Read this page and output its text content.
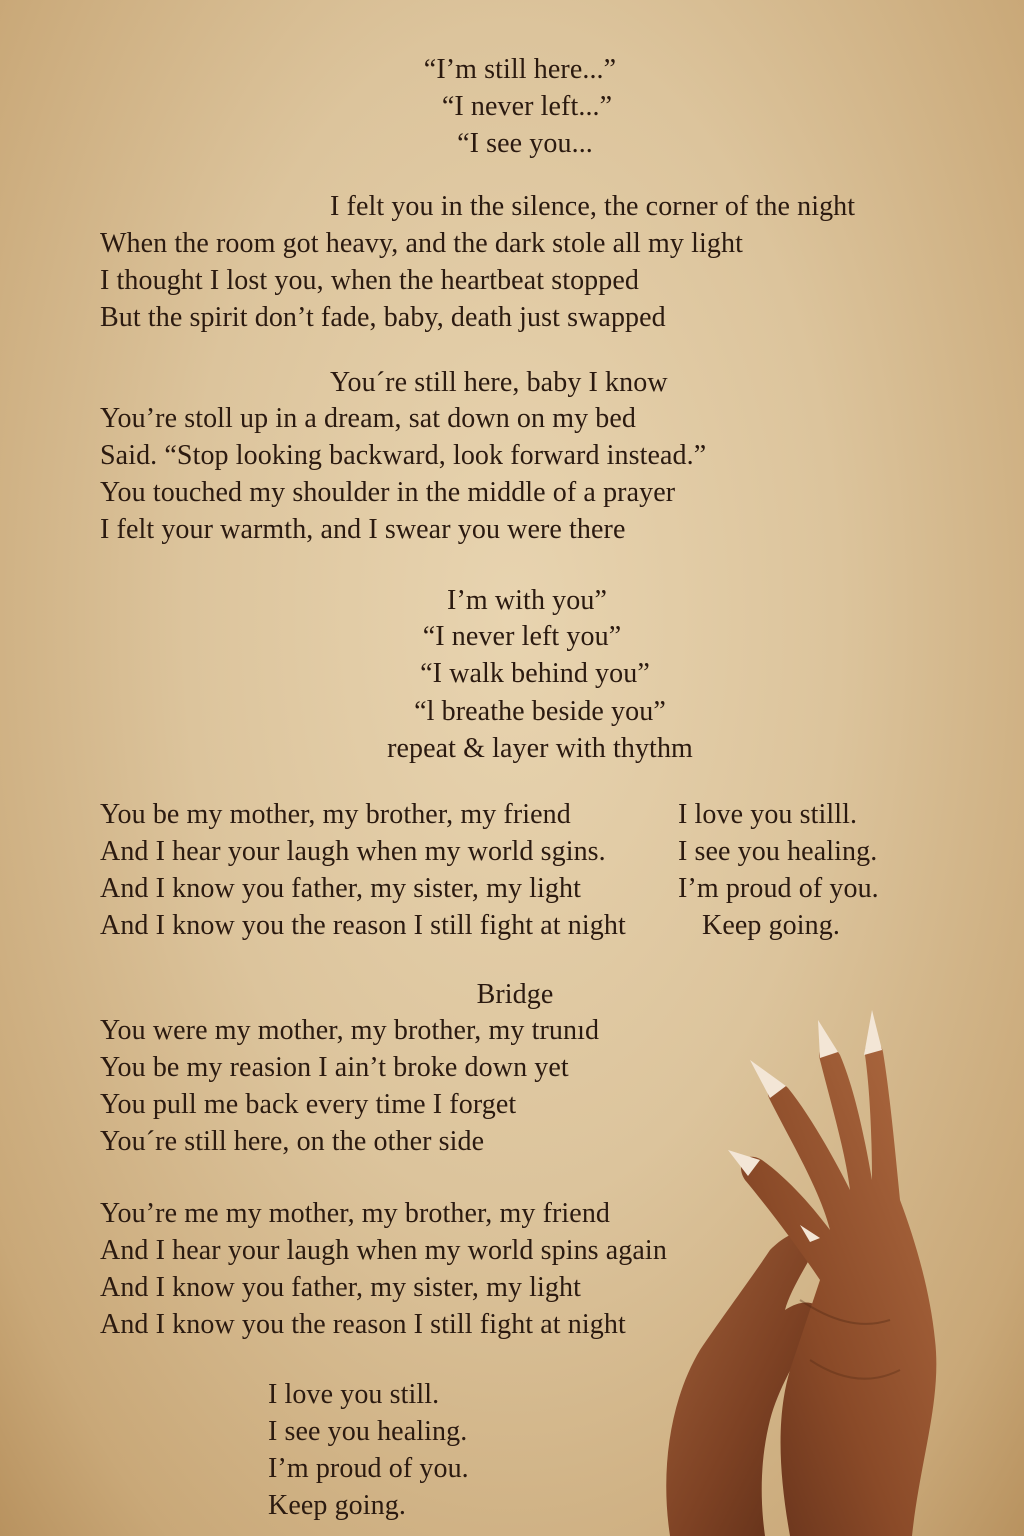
“I’m still here...”
“I never left...”
“I see you...
I felt you in the silence, the corner of the night
When the room got heavy, and the dark stole all my light
I thought I lost you, when the heartbeat stopped
But the spirit don’t fade, baby, death just swapped
You´re still here, baby I know
You’re stoll up in a dream, sat down on my bed
Said. “Stop looking backward, look forward instead.”
You touched my shoulder in the middle of a prayer
I felt your warmth, and I swear you were there
I’m with you”
“I never left you”
“I walk behind you”
“l breathe beside you”
repeat & layer with thythm
You be my mother, my brother, my friend
And I hear your laugh when my world sgins.
And I know you father, my sister, my light
And I know you the reason I still fight at night
I love you stilll.
I see you healing.
I’m proud of you.
Keep going.
Bridge
You were my mother, my brother, my trunıd
You be my reasion I ain’t broke down yet
You pull me back every time I forget
You´re still here, on the other side
You’re me my mother, my brother, my friend
And I hear your laugh when my world spins again
And I know you father, my sister, my light
And I know you the reason I still fight at night
I love you still.
I see you healing.
I’m proud of you.
Keep going.
